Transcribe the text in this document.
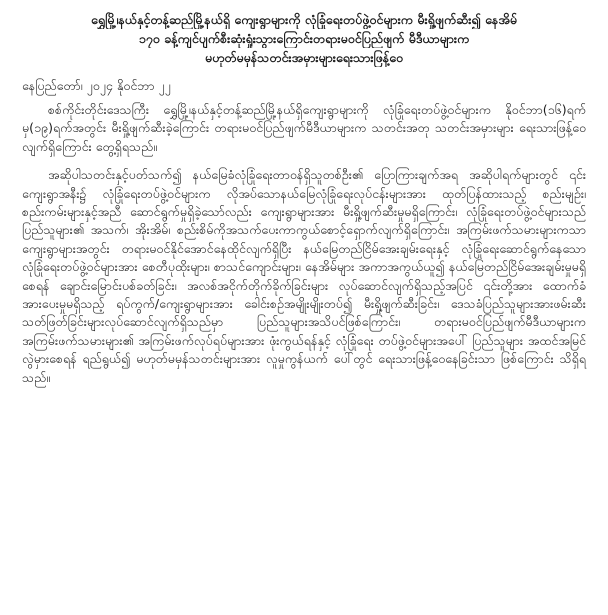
ရွှေမြို့၊နယ်နှင့်တန့်ဆည်မြို့နယ်ရှိ ကျေးရွာများကို လုံခြုံရေးတပ်ဖွဲ့ဝင်များက မီးရှို့ဖျက်ဆီး၍ နေအိမ်
၁၇၀ ခန့်ကျင်ပျက်စီးဆုံးရှုံးသွားကြောင်းတရားမဝင်ပြည်ဖျက် မီဒီယာများက
မဟုတ်မမှန်သတင်းအမှားများရေးသားဖြန့်ဝေ
နေပြည်တော်၊ ၂၀၂၄ နိုဝင်ဘာ ၂၂

စစ်ကိုင်းတိုင်းဒေသကြီး ရွှေမြို့၊နယ်နှင့်တန့်ဆည်မြို့နယ်ရှိကျေးရွာများကို လုံခြုံရေးတပ်ဖွဲ့ဝင်များက နိုဝင်ဘာ(၁၆)ရက်မှ(၁၉)ရက်အတွင်း မီးရှို့ဖျက်ဆီးခဲ့ကြောင်း တရားမဝင်ပြည်ဖျက်မီဒီယာများက သတင်းအတု သတင်းအမှားများ ရေးသားဖြန့်ဝေလျက်ရှိကြောင်း တွေ့ရှိရသည်။

အဆိုပါသတင်းနှင့်ပတ်သက်၍ နယ်မြေခံလုံခြုံရေးတာဝန်ရှိသူတစ်ဦး၏ ပြောကြားချက်အရ အဆိုပါရက်များတွင် ၎င်းကျေးရွာအနီး၌ လုံခြုံရေးတပ်ဖွဲ့ဝင်များက လိုအပ်သောနယ်မြေလုံခြုံရေးလုပ်ငန်းများအား ထုတ်ပြန်ထားသည့် စည်းမျဉ်း၊ စည်းကမ်းများနှင့်အညီ ဆောင်ရွက်မှုရှိခဲ့သော်လည်း ကျေးရွာများအား မီးရှို့ဖျက်ဆီးမှုမရှိကြောင်း၊ လုံခြုံရေးတပ်ဖွဲ့ဝင်များသည် ပြည်သူများ၏ အသက်၊ အိုးအိမ်၊ စည်းစိမ်ကိုအသက်ပေးကာကွယ်စောင့်ရှောက်လျက်ရှိကြောင်း၊ အကြမ်းဖက်သမားများကသာ ကျေးရွာများအတွင်း တရားမဝင်နိုင်အောင်နေထိုင်လျက်ရှိပြီး နယ်မြေတည်ငြိမ်အေးချမ်းရေးနှင့် လုံခြုံရေးဆောင်ရွက်နေသော လုံခြုံရေးတပ်ဖွဲ့ဝင်များအား စေတီပုထိုးများ၊ စာသင်ကျောင်းများ၊ နေအိမ်များ အကာအကွယ်ယူ၍ နယ်မြေတည်ငြိမ်အေးချမ်းမှုမရှိစေရန် ချောင်းမြောင်းပစ်ခတ်ခြင်း၊ အလစ်အငိုက်တိုက်ခိုက်ခြင်းများ လုပ်ဆောင်လျက်ရှိသည့်အပြင် ၎င်းတို့အား ထောက်ခံအားပေးမှုမရှိသည့် ရပ်ကွက်/ကျေးရွာများအား ခေါင်းစဉ်အမျိုးမျိုးတပ်၍ မီးရှို့ဖျက်ဆီးခြင်း၊ ဒေသခံပြည်သူများအားဖမ်းဆီးသတ်ဖြတ်ခြင်းများလုပ်ဆောင်လျက်ရှိသည်မှာ ပြည်သူများအသိပင်ဖြစ်ကြောင်း၊ တရားမဝင်ပြည်ဖျက်မီဒီယာများက အကြမ်းဖက်သမားများ၏ အကြမ်းဖက်လုပ်ရပ်များအား ဖုံးကွယ်ရန်နှင့် လုံခြုံရေး တပ်ဖွဲ့ဝင်များအပေါ် ပြည်သူများ အထင်အမြင်လွဲမှားစေရန် ရည်ရွယ်၍ မဟုတ်မမှန်သတင်းများအား လူမှုကွန်ယက် ပေါ်တွင် ရေးသားဖြန့်ဝေနေခြင်းသာ ဖြစ်ကြောင်း သိရှိရသည်။
